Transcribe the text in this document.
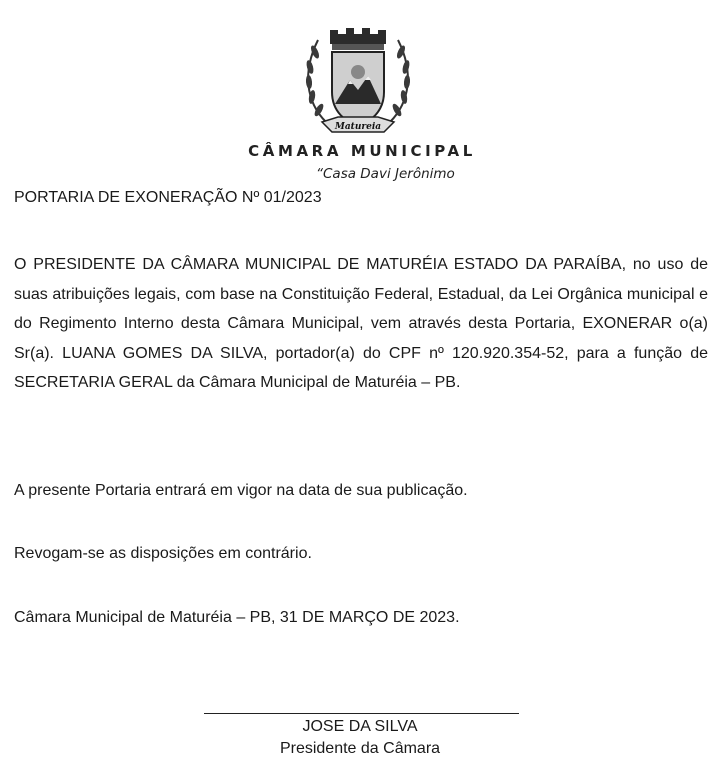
Matureia
CÂMARA MUNICIPAL
“Casa Davi Jerônimo
PORTARIA DE EXONERAÇÃO Nº 01/2023
O PRESIDENTE DA CÂMARA MUNICIPAL DE MATURÉIA ESTADO DA PARAÍBA, no uso de suas atribuições legais, com base na Constituição Federal, Estadual, da Lei Orgânica municipal e do Regimento Interno desta Câmara Municipal, vem através desta Portaria, EXONERAR o(a) Sr(a). LUANA GOMES DA SILVA, portador(a) do CPF nº 120.920.354-52, para a função de SECRETARIA GERAL da Câmara Municipal de Maturéia – PB.
A presente Portaria entrará em vigor na data de sua publicação.
Revogam-se as disposições em contrário.
Câmara Municipal de Maturéia – PB, 31 DE MARÇO DE 2023.
JOSE DA SILVA
Presidente da Câmara
